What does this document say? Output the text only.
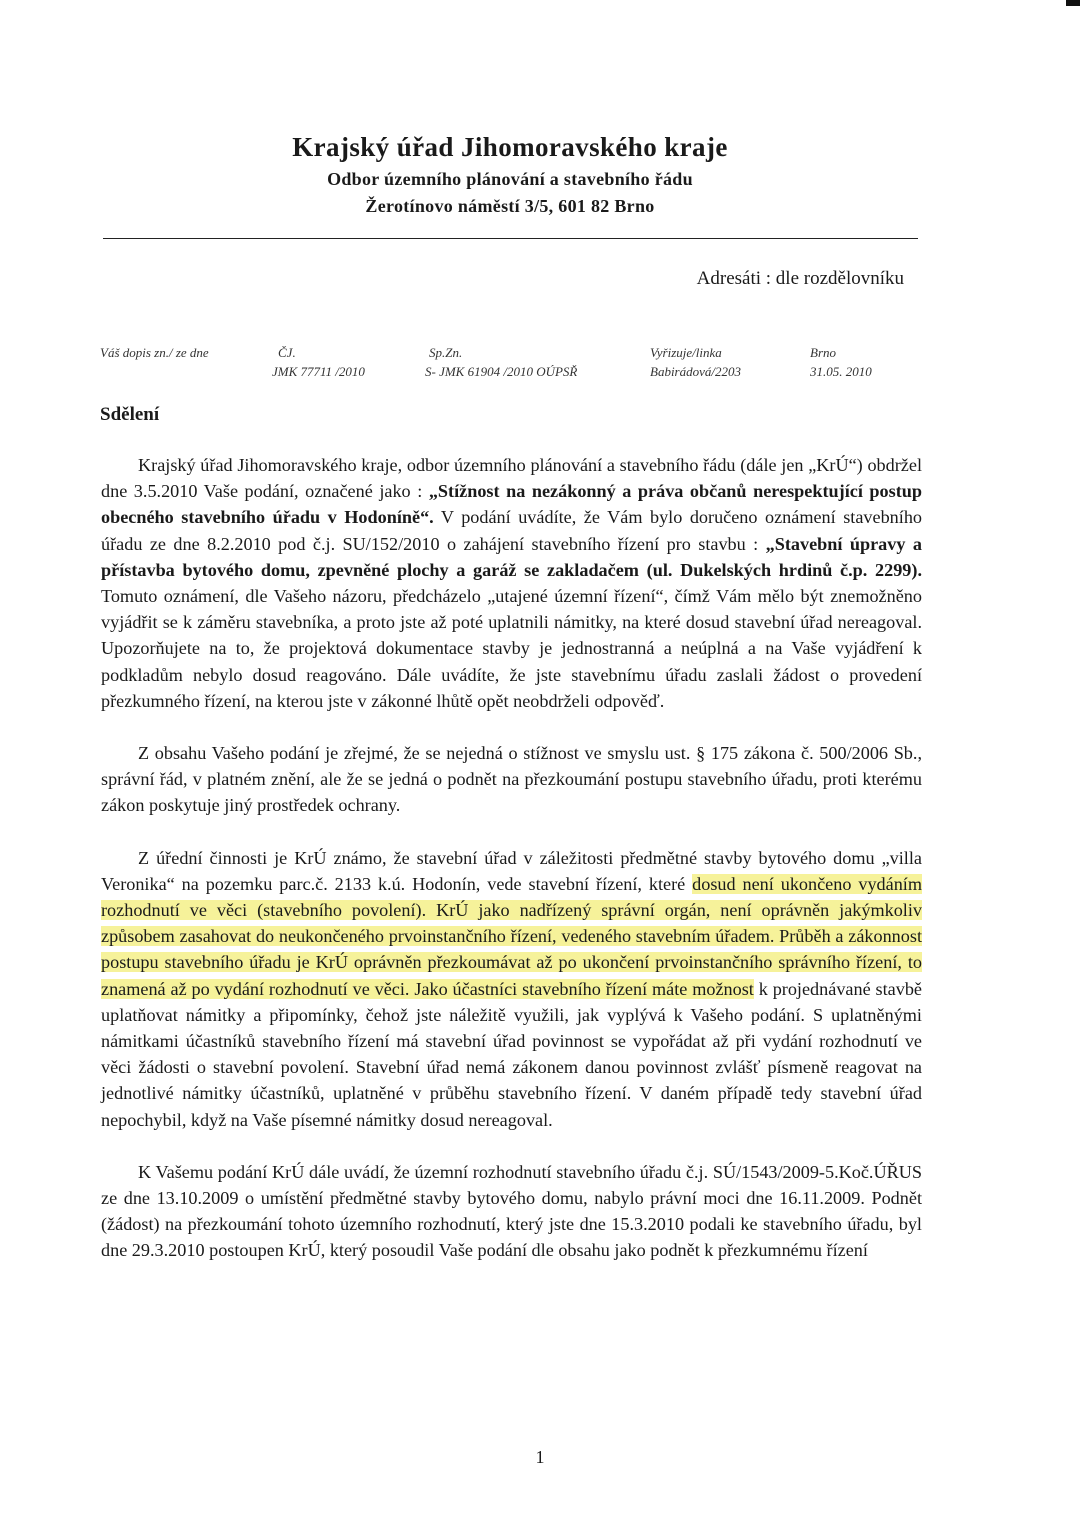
Krajský úřad Jihomoravského kraje

Odbor územního plánování a stavebního řádu

Žerotínovo náměstí 3/5, 601 82 Brno

Adresáti : dle rozdělovníku
Váš dopis zn./ ze dne	ČJ.
JMK 77711 /2010
Sp.Zn.
S- JMK 61904 /2010 OÚPSŘ
Vyřizuje/linka
Babirádová/2203
Brno
31.05. 2010
Sdělení

Krajský úřad Jihomoravského kraje, odbor územního plánování a stavebního řádu (dále jen „KrÚ“) obdržel dne 3.5.2010 Vaše podání, označené jako : „Stížnost na nezákonný a práva občanů nerespektující postup obecného stavebního úřadu v Hodoníně“. V podání uvádíte, že Vám bylo doručeno oznámení stavebního úřadu ze dne 8.2.2010 pod č.j. SU/152/2010 o zahájení stavebního řízení pro stavbu : „Stavební úpravy a přístavba bytového domu, zpevněné plochy a garáž se zakladačem (ul. Dukelských hrdinů č.p. 2299). Tomuto oznámení, dle Vašeho názoru, předcházelo „utajené územní řízení“, čímž Vám mělo být znemožněno vyjádřit se k záměru stavebníka, a proto jste až poté uplatnili námitky, na které dosud stavební úřad nereagoval. Upozorňujete na to, že projektová dokumentace stavby je jednostranná a neúplná a na Vaše vyjádření k podkladům nebylo dosud reagováno. Dále uvádíte, že jste stavebnímu úřadu zaslali žádost o provedení přezkumného řízení, na kterou jste v zákonné lhůtě opět neobdrželi odpověď.

Z obsahu Vašeho podání je zřejmé, že se nejedná o stížnost ve smyslu ust. § 175 zákona č. 500/2006 Sb., správní řád, v platném znění, ale že se jedná o podnět na přezkoumání postupu stavebního úřadu, proti kterému zákon poskytuje jiný prostředek ochrany.

Z úřední činnosti je KrÚ známo, že stavební úřad v záležitosti předmětné stavby bytového domu „villa Veronika“ na pozemku parc.č. 2133 k.ú. Hodonín, vede stavební řízení, které dosud není ukončeno vydáním rozhodnutí ve věci (stavebního povolení). KrÚ jako nadřízený správní orgán, není oprávněn jakýmkoliv způsobem zasahovat do neukončeného prvoinstančního řízení, vedeného stavebním úřadem. Průběh a zákonnost postupu stavebního úřadu je KrÚ oprávněn přezkoumávat až po ukončení prvoinstančního správního řízení, to znamená až po vydání rozhodnutí ve věci. Jako účastníci stavebního řízení máte možnost k projednávané stavbě uplatňovat námitky a připomínky, čehož jste náležitě využili, jak vyplývá k Vašeho podání. S uplatněnými námitkami účastníků stavebního řízení má stavební úřad povinnost se vypořádat až při vydání rozhodnutí ve věci žádosti o stavební povolení. Stavební úřad nemá zákonem danou povinnost zvlášť písmeně reagovat na jednotlivé námitky účastníků, uplatněné v průběhu stavebního řízení. V daném případě tedy stavební úřad nepochybil, když na Vaše písemné námitky dosud nereagoval.

K Vašemu podání KrÚ dále uvádí, že územní rozhodnutí stavebního úřadu č.j. SÚ/1543/2009-5.Koč.ÚŘUS ze dne 13.10.2009 o umístění předmětné stavby bytového domu, nabylo právní moci dne 16.11.2009. Podnět (žádost) na přezkoumání tohoto územního rozhodnutí, který jste dne 15.3.2010 podali ke stavebního úřadu, byl dne 29.3.2010 postoupen KrÚ, který posoudil Vaše podání dle obsahu jako podnět k přezkumnému řízení

1
